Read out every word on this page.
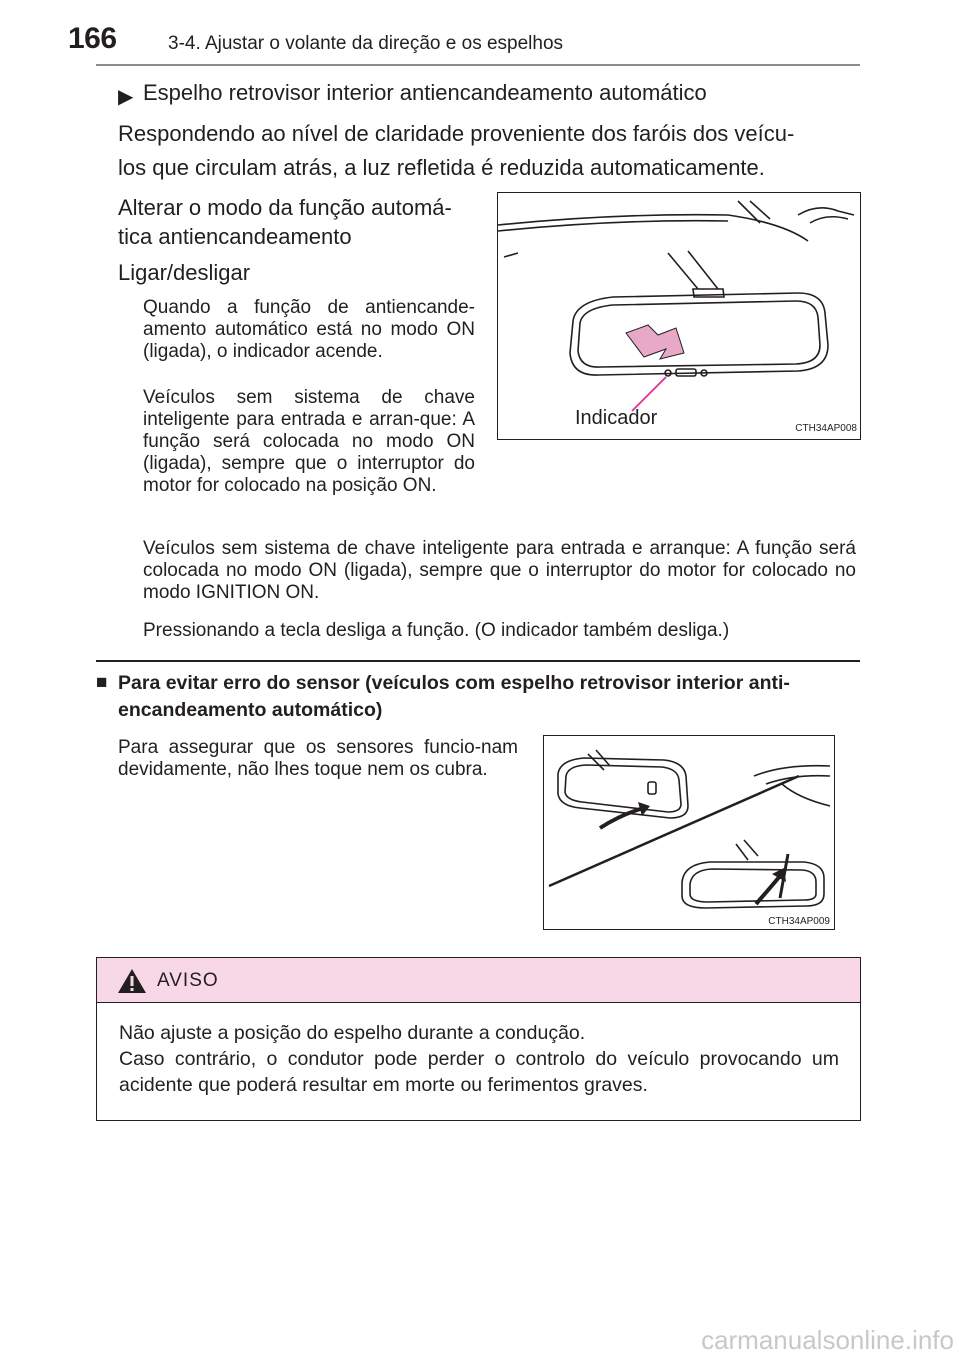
166	3-4. Ajustar o volante da direção e os espelhos
▶ Espelho retrovisor interior antiencandeamento automático
Respondendo ao nível de claridade proveniente dos faróis dos veícu-
los que circulam atrás, a luz refletida é reduzida automaticamente.
Alterar o modo da função automá-
tica antiencandeamento
Ligar/desligar
Quando a função de antiencande-amento automático está no modo ON (ligada), o indicador acende.
Veículos sem sistema de chave inteligente para entrada e arran-que: A função será colocada no modo ON (ligada), sempre que o interruptor do motor for colocado na posição ON.
Indicador	CTH34AP008
Veículos sem sistema de chave inteligente para entrada e arranque: A função será colocada no modo ON (ligada), sempre que o interruptor do motor for colocado no modo IGNITION ON.
Pressionando a tecla desliga a função. (O indicador também desliga.)
■ Para evitar erro do sensor (veículos com espelho retrovisor interior anti-encandeamento automático)
Para assegurar que os sensores funcio-nam devidamente, não lhes toque nem os cubra.
CTH34AP009
AVISO
Não ajuste a posição do espelho durante a condução.
Caso contrário, o condutor pode perder o controlo do veículo provocando um acidente que poderá resultar em morte ou ferimentos graves.
carmanualsonline.info
